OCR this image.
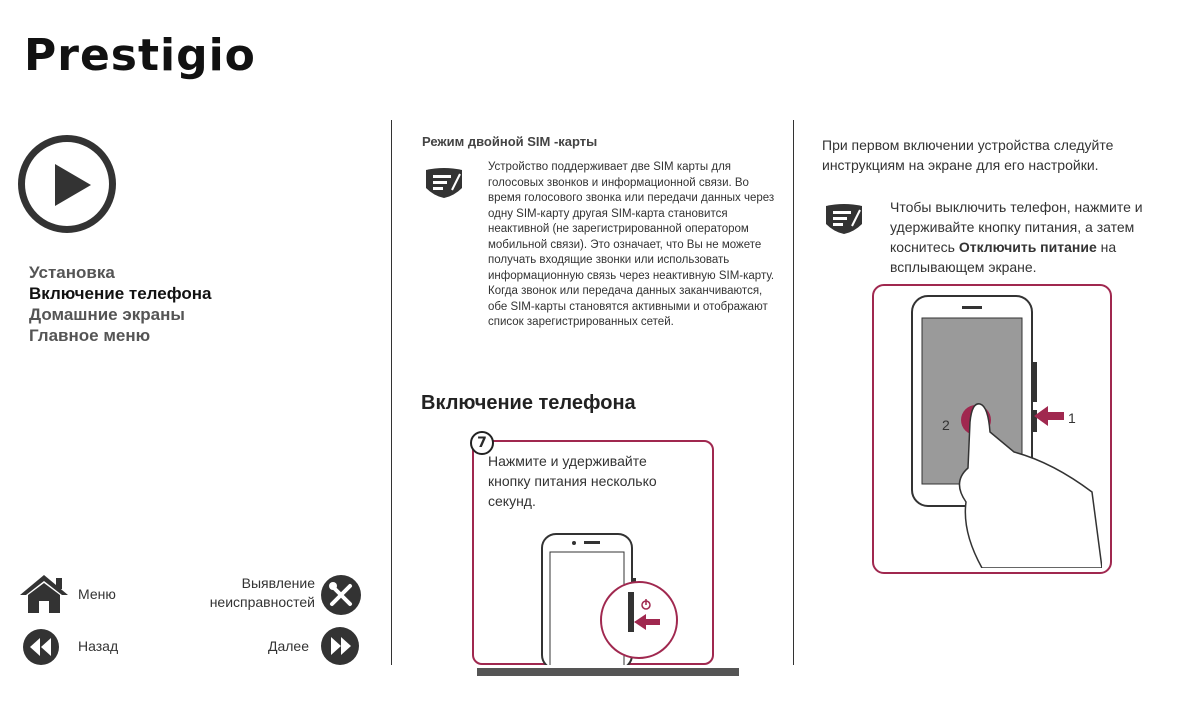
Prestigio
Установка
Включение телефона
Домашние экраны
Главное меню
Меню
Назад
Выявление
неисправностей
Далее
Режим двойной SIM -карты
Устройство поддерживает две SIM карты для голосовых звонков и информационной связи. Во время голосового звонка или передачи данных через одну SIM-карту другая SIM-карта становится неактивной (не зарегистрированной оператором мобильной связи). Это означает, что Вы не можете получать входящие звонки или использовать информационную связь через неактивную SIM-карту. Когда звонок или передача данных заканчиваются, обе SIM-карты становятся активными и отображают список зарегистрированных сетей.
Включение телефона
7
Нажмите и удерживайте кнопку питания несколько секунд.
При первом включении устройства следуйте инструкциям на экране для его настройки.
Чтобы выключить телефон, нажмите и удерживайте кнопку питания, а затем коснитесь Отключить питание на всплывающем экране.
1
2
